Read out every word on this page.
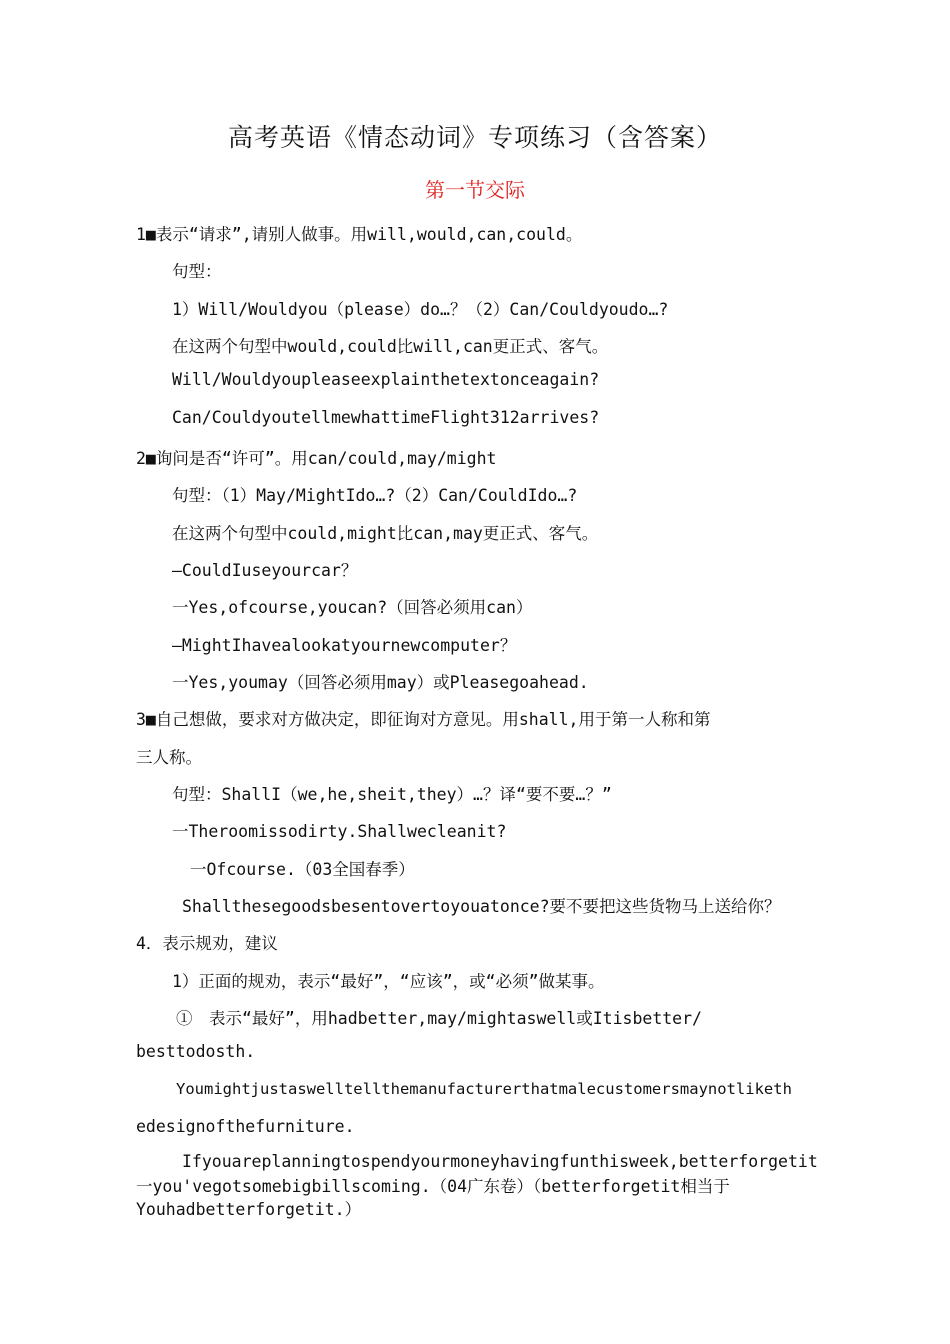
高考英语《情态动词》专项练习（含答案）
第一节交际
1■表示“请求”,请别人做事。用will,would,can,could。
句型：
1）Will/Wouldyou（please）do…？（2）Can/Couldyoudo…?
在这两个句型中would,could比will,can更正式、客气。
Will/Wouldyoupleaseexplainthetextonceagain?
Can/CouldyoutellmewhattimeFlight312arrives?
2■询问是否“许可”。用can/could,may/might
句型：（1）May/MightIdo…?（2）Can/CouldIdo…?
在这两个句型中could,might比can,may更正式、客气。
—CouldIuseyourcar？
一Yes,ofcourse,youcan?（回答必须用can）
—MightIhavealookatyournewcomputer？
一Yes,youmay（回答必须用may）或Pleasegoahead.
3■自己想做，要求对方做决定，即征询对方意见。用shall,用于第一人称和第
三人称。
句型：ShallI（we,he,sheit,they）…？译“要不要…？”
一Theroomissodirty.Shallwecleanit?
一Ofcourse.（03全国春季）
Shallthesegoodsbesentovertoyouatonce?要不要把这些货物马上送给你？
4．表示规劝，建议
1）正面的规劝，表示“最好”，“应该”，或“必须”做某事。
①　表示“最好”，用hadbetter,may/mightaswell或Itisbetter/
besttodosth.
Youmightjustaswelltellthemanufacturerthatmalecustomersmaynotliketh
edesignofthefurniture.
Ifyouareplanningtospendyourmoneyhavingfunthisweek,betterforgetit
一you'vegotsomebigbillscoming.（04广东卷）（betterforgetit相当于
Youhadbetterforgetit.）
